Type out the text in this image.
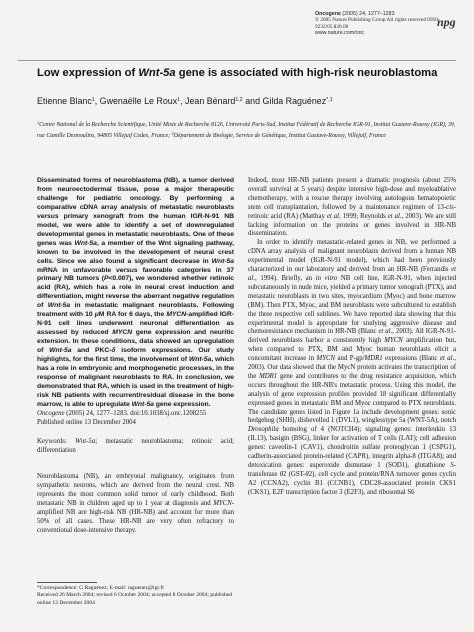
Oncogene (2005) 24, 1277–1283
© 2005 Nature Publishing Group All rights reserved 0950-9232/05 $30.00
www.nature.com/onc
npg
Low expression of Wnt-5a gene is associated with high-risk neuroblastoma
Etienne Blanc$^1$, Gwenaëlle Le Roux$^1$, Jean Bénard$^{1,2}$ and Gilda Raguénez$^{*,1}$
$^1$Centre National de la Recherche Scientifique, Unité Mixte de Recherche 8126, Université Paris-Sud, Institut Fédératif de Recherche IGR-91, Institut Gustave-Roussy (IGR), 39, rue Camille Desmoulins, 94805 Villejuif Cedex, France; $^2$Département de Biologie, Service de Génétique, Institut Gustave-Roussy, Villejuif, France
Disseminated forms of neuroblastoma (NB), a tumor derived from neuroectodermal tissue, pose a major therapeutic challenge for pediatric oncology. By performing a comparative cDNA array analysis of metastatic neuroblasts versus primary xenograft from the human IGR-N-91 NB model, we were able to identify a set of downregulated developmental genes in metastatic neuroblasts. One of these genes was Wnt-5a, a member of the Wnt signaling pathway, known to be involved in the development of neural crest cells. Since we also found a significant decrease in Wnt-5a mRNA in unfavorable versus favorable categories in 37 primary NB tumors (P<0.007), we wondered whether retinoic acid (RA), which has a role in neural crest induction and differentiation, might reverse the aberrant negative regulation of Wnt-5a in metastatic malignant neuroblasts. Following treatment with 10 μM RA for 6 days, the MYCN-amplified IGR-N-91 cell lines underwent neuronal differentiation as assessed by reduced MYCN gene expression and neuritic extension. In these conditions, data showed an upregulation of Wnt-5a and PKC-δ isoform expressions. Our study highlights, for the first time, the involvement of Wnt-5a, which has a role in embryonic and morphogenetic processes, in the response of malignant neuroblasts to RA. In conclusion, we demonstrated that RA, which is used in the treatment of high-risk NB patients with recurrent/residual disease in the bone marrow, is able to upregulate Wnt-5a gene expression.
Oncogene (2005) 24, 1277–1283. doi:10.1038/sj.onc.1208255
Published online 13 December 2004
Keywords: Wnt-5a; metastatic neuroblastoma; retinoic acid; differentiation

Neuroblastoma (NB), an embryonal malignancy, originates from sympathetic neurons, which are derived from the neural crest. NB represents the most common solid tumor of early childhood. Both metastatic NB in children aged up to 1 year at diagnosis and MYCN-amplified NB are high-risk NB (HR-NB) and account for more than 50% of all cases. These HR-NB are very often refractory to conventional dose-intensive therapy.

Indeed, most HR-NB patients present a dramatic prognosis (about 25% overall survival at 5 years) despite intensive high-dose and myeloablative chemotherapy, with a rescue therapy involving autologous hematopoietic stem cell transplantation, followed by a maintenance regimen of 13-cis-retinoic acid (RA) (Matthay et al, 1999; Reynolds et al., 2003). We are still lacking information on the proteins or genes involved in HR-NB dissemination.

In order to identify metastatic-related genes in NB, we performed a cDNA array analysis of malignant neuroblasts derived from a human NB experimental model (IGR-N-91 model), which had been previously characterized in our laboratory and derived from an HR-NB (Ferrandis et al., 1994). Briefly, an in vitro NB cell line, IGR-N-91, when injected subcutaneously in nude mice, yielded a primary tumor xenograft (PTX), and metastatic neuroblasts in two sites, myocardium (Myoc) and bone marrow (BM). Then PTX, Myoc, and BM neuroblasts were subcultured to establish the three respective cell sublines. We have reported data showing that this experimental model is appropriate for studying aggressive disease and chemoresistance mechanism in HR-NB (Blanc et al., 2003). All IGR-N-91-derived neuroblasts harbor a consistently high MYCN amplification but, when compared to PTX, BM and Myoc human neuroblasts elicit a concomitant increase in MYCN and P-gp/MDR1 expressions (Blanc et al., 2003). Our data showed that the MycN protein activates the transcription of the MDR1 gene and contributes to the drug resistance acquisition, which occurs throughout the HR-NB's metastatic process. Using this model, the analysis of gene expression profiles provided 18 significant differentially expressed genes in metastatic BM and Myoc compared to PTX neuroblasts. The candidate genes listed in Figure 1a include development genes: sonic hedgehog (SHH), dishevelled 1 (DVL1), winglesstype 5a (WNT-5A), notch Drosophila homolog of 4 (NOTCH4); signaling genes: interleukin 13 (IL13), basigin (BSG), linker for activation of T cells (LAT); cell adhesion genes: caveolin-1 (CAV1), chondroitin sulfate proteoglycan 1 (CSPG1), cadherin-associated protein-related (CAPR), integrin alpha-8 (ITGA8); and detoxication genes: superoxide dismutase 1 (SOD1), glutathione S-transferase θ2 (GST-θ2), cell cycle and protein/RNA turnover genes cyclin A2 (CCNA2), cyclin B1 (CCNB1), CDC28-associated protein CKS1 (CKS1), E2F transcription factor 3 (E2F3), and ribosomal S6

*Correspondence: G Raguénez; E-mail: raguenez@igr.fr
Received 26 March 2004; revised 6 October 2004; accepted 8 October 2004; published online 13 December 2004
